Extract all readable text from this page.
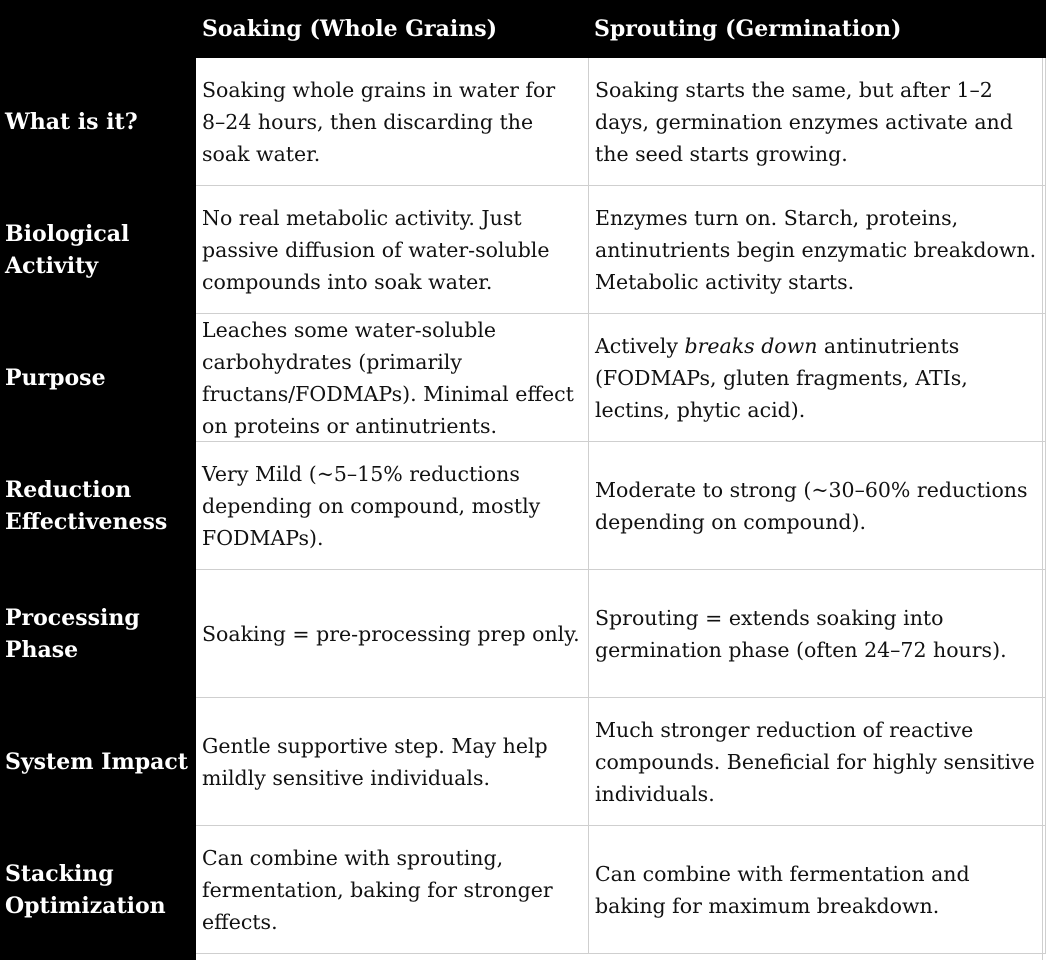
Soaking (Whole Grains)	Sprouting (Germination)
What is it?
Soaking whole grains in water for 8–24 hours, then discarding the soak water.
Soaking starts the same, but after 1–2 days, germination enzymes activate and the seed starts growing.
Biological Activity
No real metabolic activity. Just passive diffusion of water-soluble compounds into soak water.
Enzymes turn on. Starch, proteins, antinutrients begin enzymatic breakdown. Metabolic activity starts.
Purpose
Leaches some water-soluble carbohydrates (primarily fructans/FODMAPs). Minimal effect on proteins or antinutrients.
Actively breaks down antinutrients (FODMAPs, gluten fragments, ATIs, lectins, phytic acid).
Reduction Effectiveness
Very Mild (~5–15% reductions depending on compound, mostly FODMAPs).
Moderate to strong (~30–60% reductions depending on compound).
Processing Phase
Soaking = pre-processing prep only.
Sprouting = extends soaking into germination phase (often 24–72 hours).
System Impact
Gentle supportive step. May help mildly sensitive individuals.
Much stronger reduction of reactive compounds. Beneficial for highly sensitive individuals.
Stacking Optimization
Can combine with sprouting, fermentation, baking for stronger effects.
Can combine with fermentation and baking for maximum breakdown.
